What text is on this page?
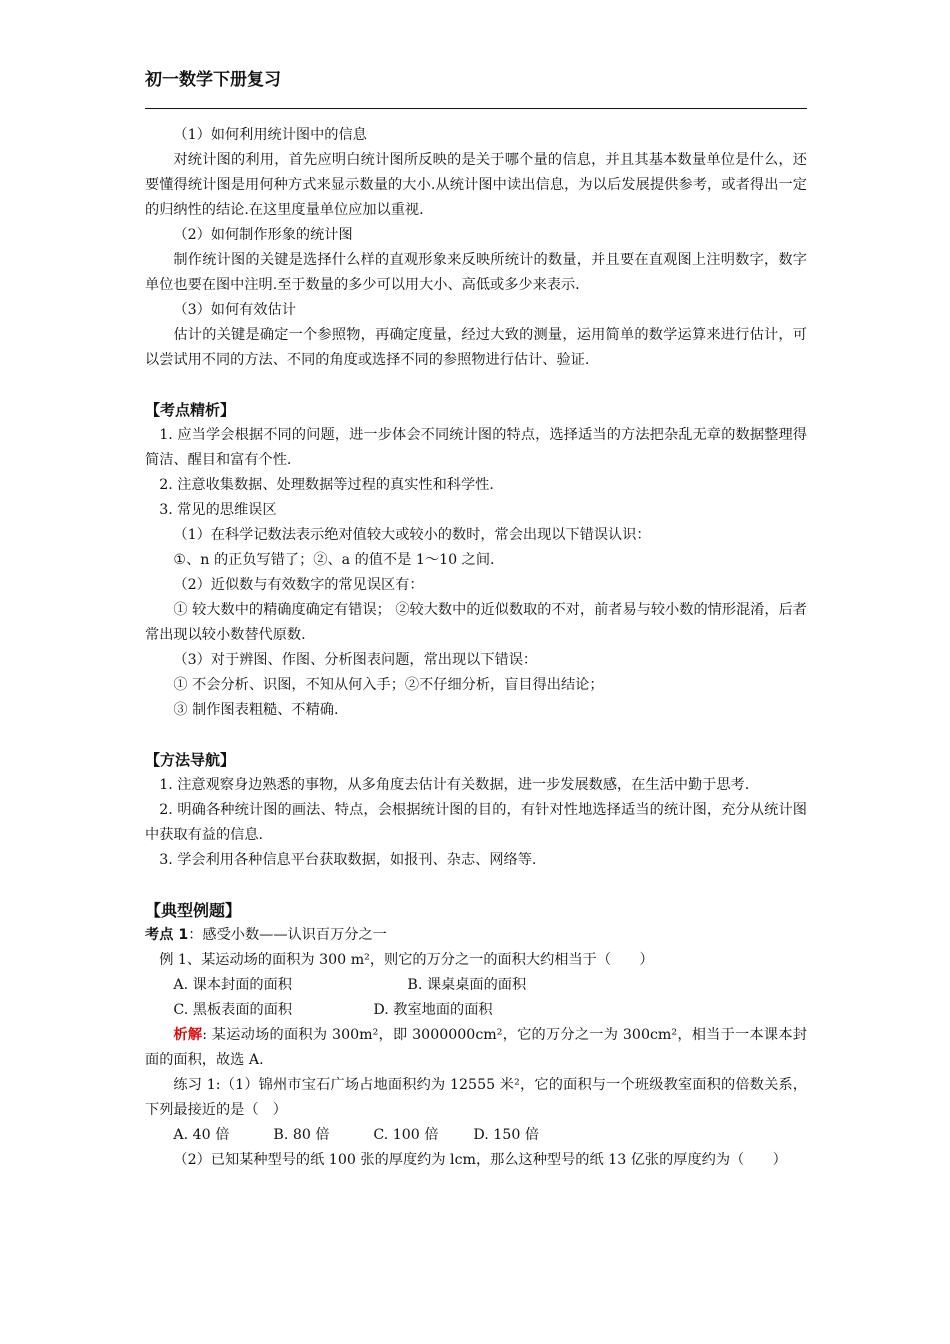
初一数学下册复习

（1）如何利用统计图中的信息

对统计图的利用，首先应明白统计图所反映的是关于哪个量的信息，并且其基本数量单位是什么，还要懂得统计图是用何种方式来显示数量的大小.从统计图中读出信息，为以后发展提供参考，或者得出一定的归纳性的结论.在这里度量单位应加以重视.

（2）如何制作形象的统计图

制作统计图的关键是选择什么样的直观形象来反映所统计的数量，并且要在直观图上注明数字，数字单位也要在图中注明.至于数量的多少可以用大小、高低或多少来表示.

（3）如何有效估计

估计的关键是确定一个参照物，再确定度量，经过大致的测量，运用简单的数学运算来进行估计，可以尝试用不同的方法、不同的角度或选择不同的参照物进行估计、验证.

【考点精析】

1. 应当学会根据不同的问题，进一步体会不同统计图的特点，选择适当的方法把杂乱无章的数据整理得简洁、醒目和富有个性.

2. 注意收集数据、处理数据等过程的真实性和科学性.

3. 常见的思维误区

（1）在科学记数法表示绝对值较大或较小的数时，常会出现以下错误认识：

①、n 的正负写错了；②、a 的值不是 1～10 之间.

（2）近似数与有效数字的常见误区有：

① 较大数中的精确度确定有错误； ②较大数中的近似数取的不对，前者易与较小数的情形混淆，后者常出现以较小数替代原数.

（3）对于辨图、作图、分析图表问题，常出现以下错误：

① 不会分析、识图，不知从何入手；②不仔细分析，盲目得出结论；

③ 制作图表粗糙、不精确.

【方法导航】

1. 注意观察身边熟悉的事物，从多角度去估计有关数据，进一步发展数感，在生活中勤于思考.

2. 明确各种统计图的画法、特点，会根据统计图的目的，有针对性地选择适当的统计图，充分从统计图中获取有益的信息.

3. 学会利用各种信息平台获取数据，如报刊、杂志、网络等.

【典型例题】

考点 1：感受小数——认识百万分之一

例 1、某运动场的面积为 300 m²，则它的万分之一的面积大约相当于（　　）

A. 课本封面的面积	B. 课桌桌面的面积

C. 黑板表面的面积	D. 教室地面的面积

析解: 某运动场的面积为 300m²，即 3000000cm²，它的万分之一为 300cm²，相当于一本课本封面的面积，故选 A.

练习 1:（1）锦州市宝石广场占地面积约为 12555 米²，它的面积与一个班级教室面积的倍数关系，下列最接近的是（　）

A. 40 倍	B. 80 倍	C. 100 倍 D. 150 倍

（2）已知某种型号的纸 100 张的厚度约为 lcm，那么这种型号的纸 13 亿张的厚度约为（　　）
